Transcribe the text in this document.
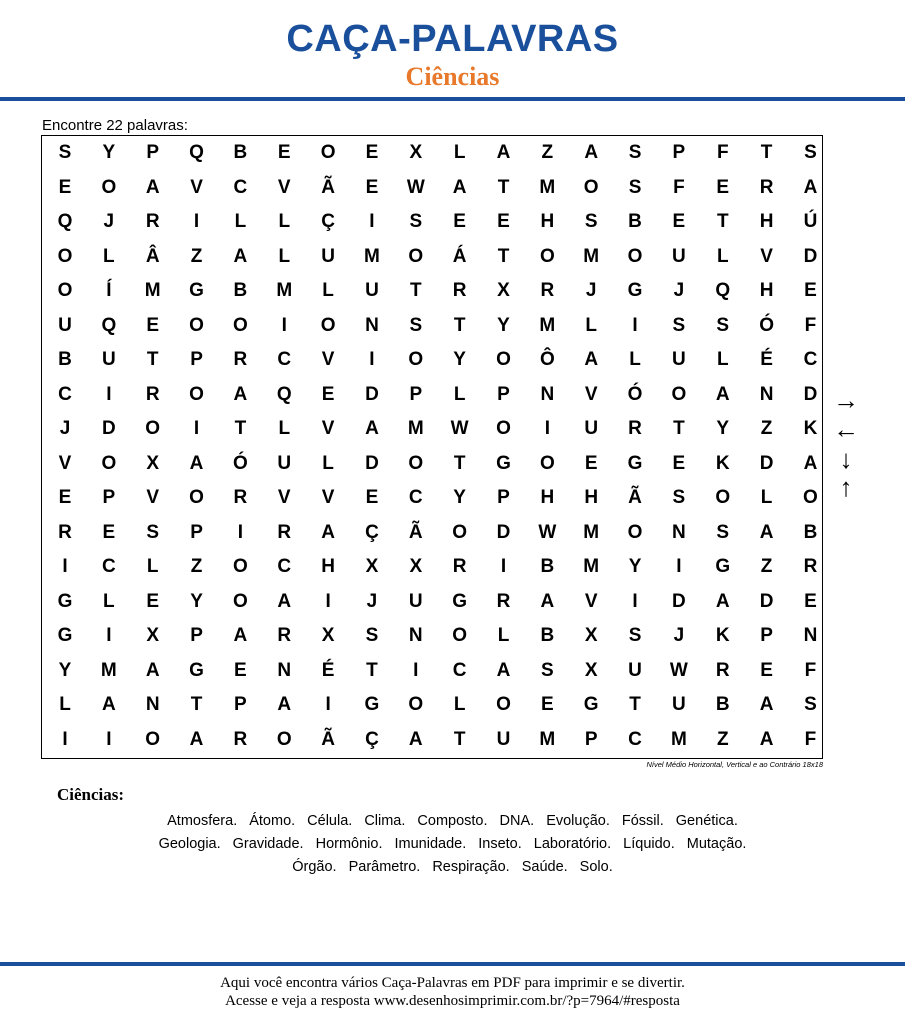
CAÇA-PALAVRAS
Ciências
Encontre 22 palavras:
S	Y	P	Q	B	E	O	E	X	L	A	Z	A	S	P	F	T	S
E	O	A	V	C	V	Ã	E	W	A	T	M	O	S	F	E	R	A
Q	J	R	I	L	L	Ç	I	S	E	E	H	S	B	E	T	H	Ú
O	L	Â	Z	A	L	U	M	O	Á	T	O	M	O	U	L	V	D
O	Í	M	G	B	M	L	U	T	R	X	R	J	G	J	Q	H	E
U	Q	E	O	O	I	O	N	S	T	Y	M	L	I	S	S	Ó	F
B	U	T	P	R	C	V	I	O	Y	O	Ô	A	L	U	L	É	C
C	I	R	O	A	Q	E	D	P	L	P	N	V	Ó	O	A	N	D
J	D	O	I	T	L	V	A	M	W	O	I	U	R	T	Y	Z	K
V	O	X	A	Ó	U	L	D	O	T	G	O	E	G	E	K	D	A
E	P	V	O	R	V	V	E	C	Y	P	H	H	Ã	S	O	L	O
R	E	S	P	I	R	A	Ç	Ã	O	D	W	M	O	N	S	A	B
I	C	L	Z	O	C	H	X	X	R	I	B	M	Y	I	G	Z	R
G	L	E	Y	O	A	I	J	U	G	R	A	V	I	D	A	D	E
G	I	X	P	A	R	X	S	N	O	L	B	X	S	J	K	P	N
Y	M	A	G	E	N	É	T	I	C	A	S	X	U	W	R	E	F
L	A	N	T	P	A	I	G	O	L	O	E	G	T	U	B	A	S
I	I	O	A	R	O	Ã	Ç	A	T	U	M	P	C	M	Z	A	F
Nível Médio Horizontal, Vertical e ao Contrário 18x18
→
←
↓
↑
Ciências:
Atmosfera. Átomo. Célula. Clima. Composto. DNA. Evolução. Fóssil. Genética.
Geologia. Gravidade. Hormônio. Imunidade. Inseto. Laboratório. Líquido. Mutação.
Órgão. Parâmetro. Respiração. Saúde. Solo.
Aqui você encontra vários Caça-Palavras em PDF para imprimir e se divertir.
Acesse e veja a resposta www.desenhosimprimir.com.br/?p=7964/#resposta
